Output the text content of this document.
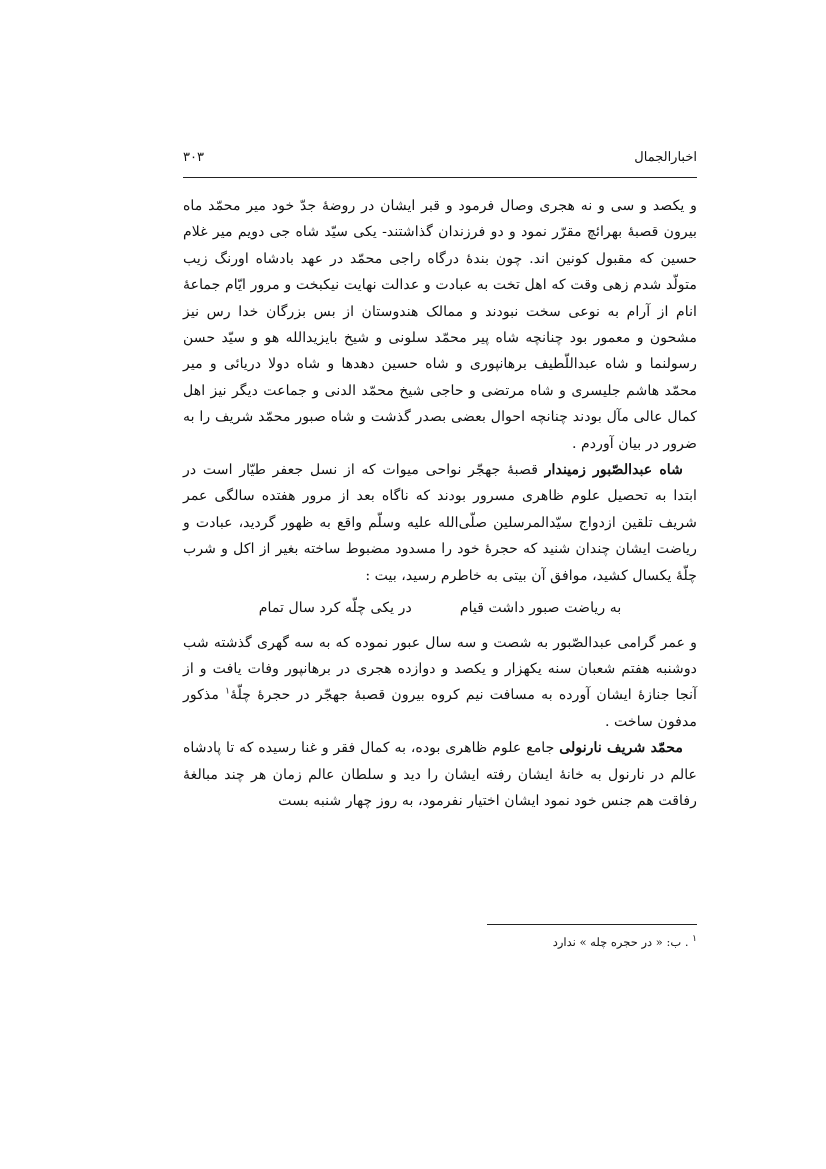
اخبارالجمال
۳۰۳

و یکصد و سی و نه هجری وصال فرمود و قبر ایشان در روضهٔ جدّ خود میر محمّد ماه بیرون قصبهٔ بهرائچ مقرّر نمود و دو فرزندان گذاشتند- یکی سیّد شاه جی دویم میر غلام حسین که مقبول کونین اند. چون بندهٔ درگاه راجی محمّد در عهد بادشاه اورنگ زیب متولّد شدم زهی وقت که اهل تخت به عبادت و عدالت نهایت نیکبخت و مرور ایّام جماعهٔ انام از آرام به نوعی سخت نبودند و ممالک هندوستان از بس بزرگان خدا رس نیز مشحون و معمور بود چنانچه شاه پیر محمّد سلونی و شیخ بایزیدالله هو و سیّد حسن رسولنما و شاه عبداللّطیف برهانپوری و شاه حسین دهدها و شاه دولا دریائی و میر محمّد هاشم جلیسری و شاه مرتضی و حاجی شیخ محمّد الدنی و جماعت دیگر نیز اهل کمال عالی مآل بودند چنانچه احوال بعضی بصدر گذشت و شاه صبور محمّد شریف را به ضرور در بیان آوردم .

شاه عبدالصّبور زمیندار قصبهٔ جهجّر نواحی میوات که از نسل جعفر طیّار است در ابتدا به تحصیل علوم ظاهری مسرور بودند که ناگاه بعد از مرور هفتده سالگی عمر شریف تلقین ازدواج سیّدالمرسلین صلّی‌الله علیه وسلّم واقع به ظهور گردید، عبادت و ریاضت ایشان چندان شنید که حجرهٔ خود را مسدود مضبوط ساخته بغیر از اکل و شرب چلّهٔ یکسال کشید، موافق آن بیتی به خاطرم رسید، بیت :

به ریاضت صبور داشت قیام
در یکی چلّه کرد سال تمام

و عمر گرامی عبدالصّبور به شصت و سه سال عبور نموده که به سه گهری گذشته شب دوشنبه هفتم شعبان سنه یکهزار و یکصد و دوازده هجری در برهانپور وفات یافت و از آنجا جنازهٔ ایشان آورده به مسافت نیم کروه بیرون قصبهٔ جهجّر در حجرهٔ چلّهٔ$^۱$ مذکور مدفون ساخت .

محمّد شریف نارنولی جامع علوم ظاهری بوده، به کمال فقر و غنا رسیده که تا پادشاه عالم در نارنول به خانهٔ ایشان رفته ایشان را دید و سلطان عالم زمان هر چند مبالغهٔ رفاقت هم جنس خود نمود ایشان اختیار نفرمود، به روز چهار شنبه بست

$^۱$ . ب: « در حجره چله » ندارد
